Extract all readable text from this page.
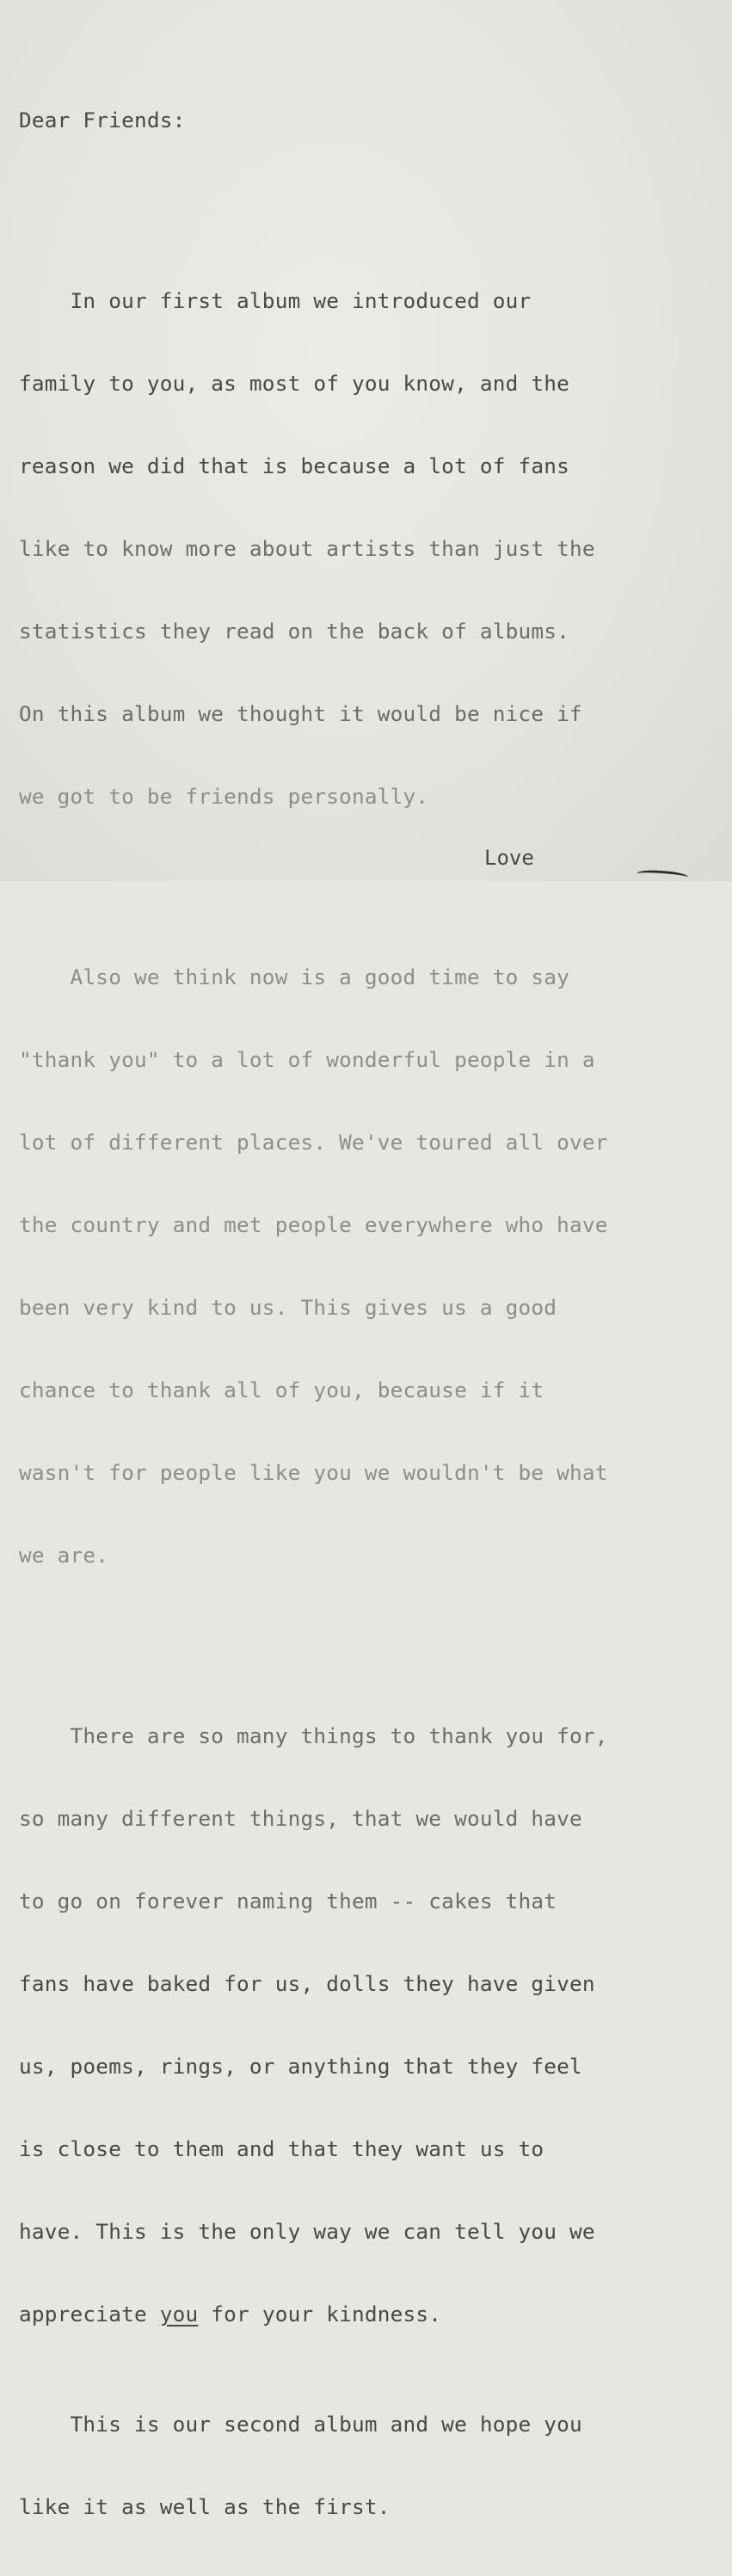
Dear Friends:

In our first album we introduced our

family to you, as most of you know, and the

reason we did that is because a lot of fans

like to know more about artists than just the

statistics they read on the back of albums.

On this album we thought it would be nice if

we got to be friends personally.

Also we think now is a good time to say

"thank you" to a lot of wonderful people in a

lot of different places. We've toured all over

the country and met people everywhere who have

been very kind to us. This gives us a good

chance to thank all of you, because if it

wasn't for people like you we wouldn't be what

we are.

There are so many things to thank you for,

so many different things, that we would have

to go on forever naming them -- cakes that

fans have baked for us, dolls they have given

us, poems, rings, or anything that they feel

is close to them and that they want us to

have. This is the only way we can tell you we

appreciate you for your kindness.

This is our second album and we hope you

like it as well as the first.

Love
